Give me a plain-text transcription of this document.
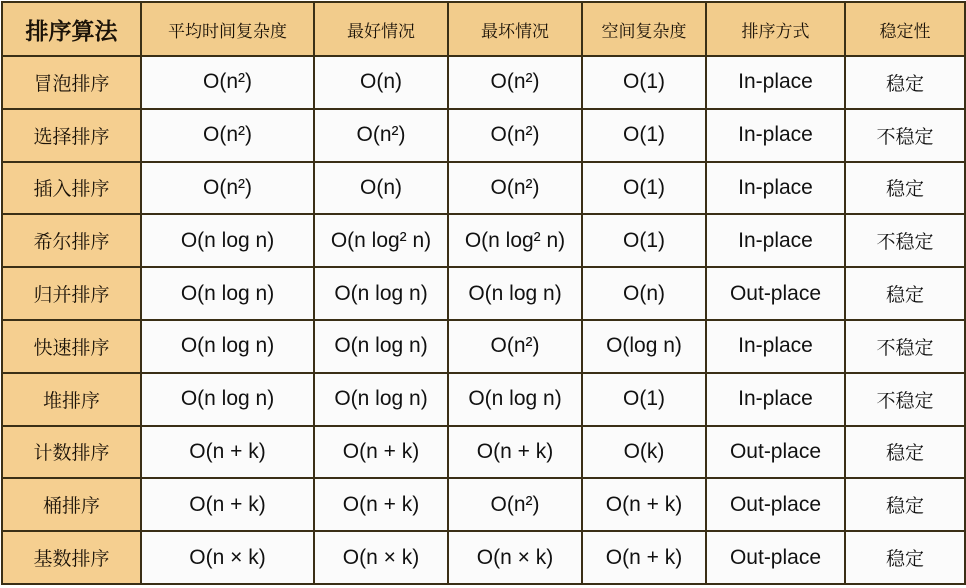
排序算法	平均时间复杂度	最好情况	最坏情况	空间复杂度	排序方式	稳定性
冒泡排序	O(n²)	O(n)	O(n²)	O(1)	In-place	稳定
选择排序	O(n²)	O(n²)	O(n²)	O(1)	In-place	不稳定
插入排序	O(n²)	O(n)	O(n²)	O(1)	In-place	稳定
希尔排序	O(n log n)	O(n log² n)	O(n log² n)	O(1)	In-place	不稳定
归并排序	O(n log n)	O(n log n)	O(n log n)	O(n)	Out-place	稳定
快速排序	O(n log n)	O(n log n)	O(n²)	O(log n)	In-place	不稳定
堆排序	O(n log n)	O(n log n)	O(n log n)	O(1)	In-place	不稳定
计数排序	O(n + k)	O(n + k)	O(n + k)	O(k)	Out-place	稳定
桶排序	O(n + k)	O(n + k)	O(n²)	O(n + k)	Out-place	稳定
基数排序	O(n × k)	O(n × k)	O(n × k)	O(n + k)	Out-place	稳定
